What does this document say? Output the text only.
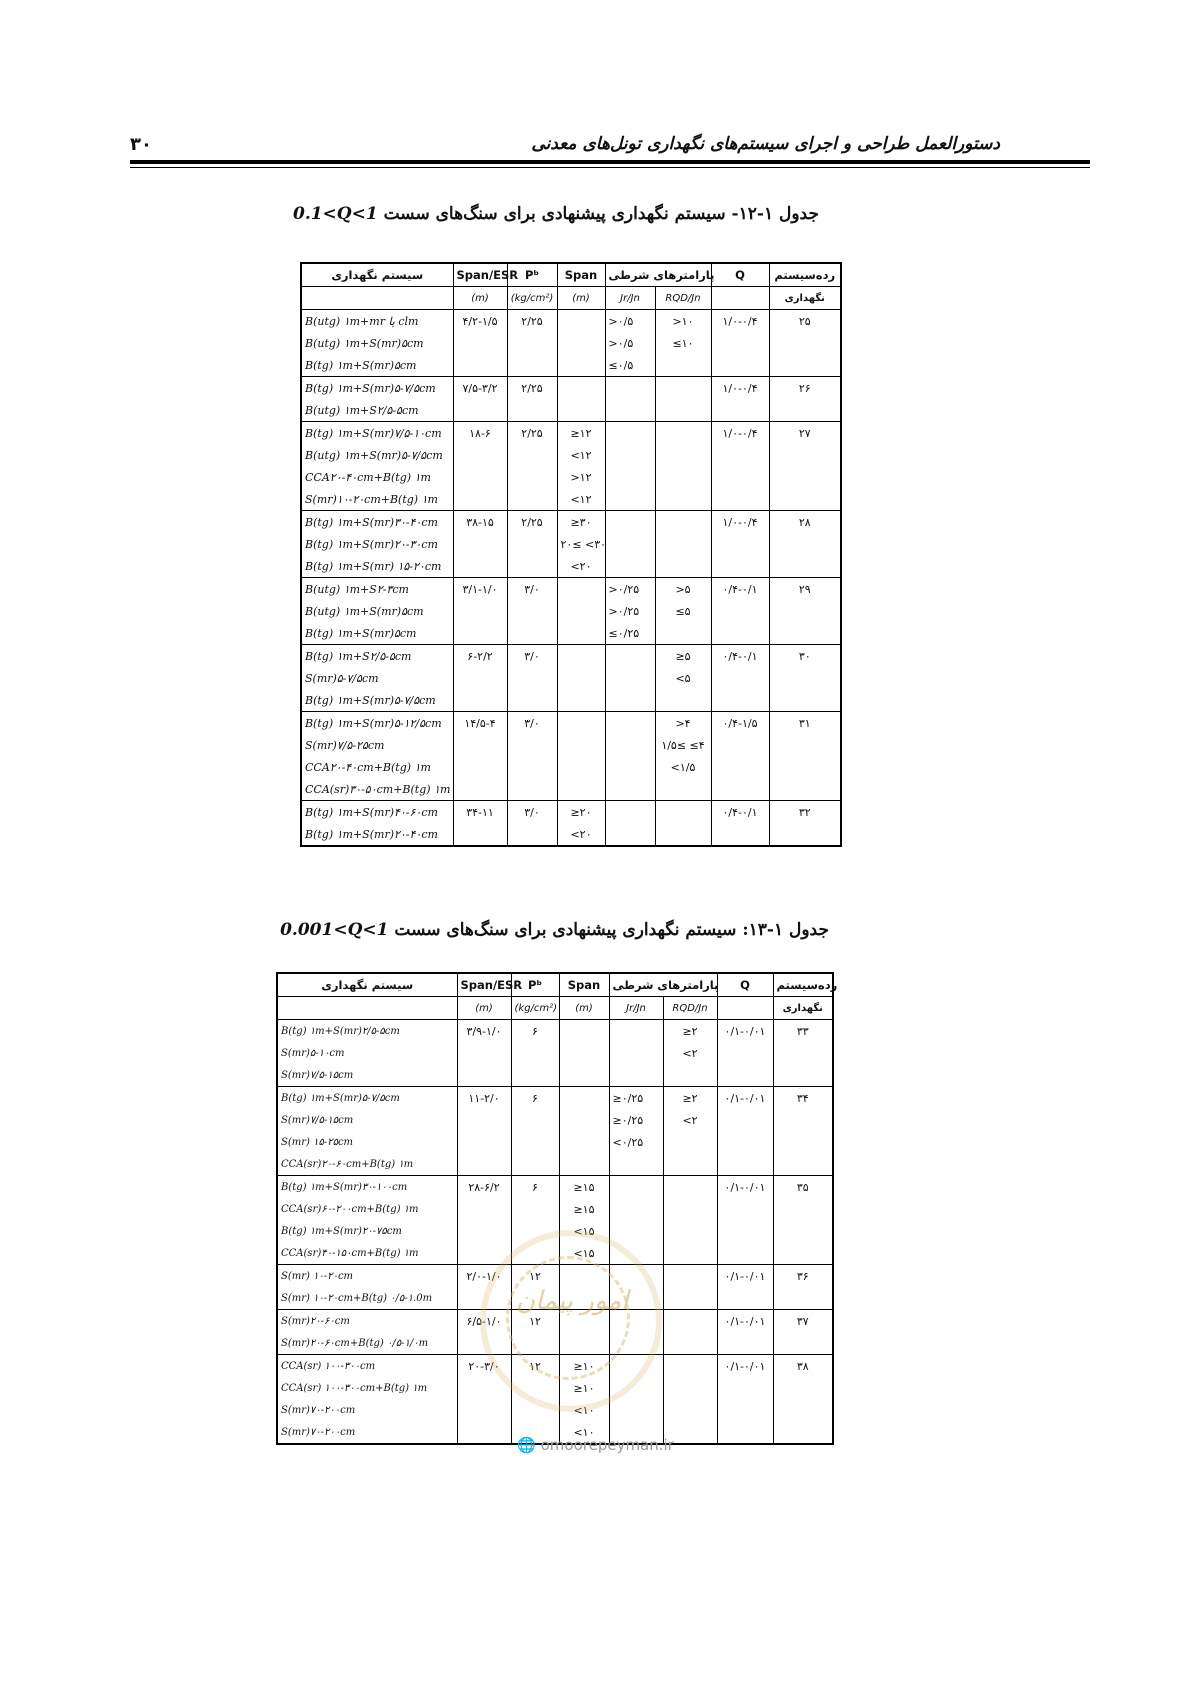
۳۰	دستورالعمل طراحی و اجرای سیستم‌های نگهداری تونل‌های معدنی
جدول ۱-۱۲- سیستم نگهداری پیشنهادی برای سنگ‌های سست 0.1<Q<1
سیستم نگهداری	Span/ESR	Pᵇ	Span	پارامترهای شرطی		Q	رده‌سیستم
	(m)	(kg/cm²)	(m)	Jr/Jn	RQD/Jn		نگهداری
B(utg) ۱m+mr یا clm	۴/۲-۱/۵	۲/۲۵		>۰/۵	>۱۰	۱/۰-۰/۴	۲۵
B(utg) ۱m+S(mr)۵cm				>۰/۵	≤۱۰		
B(tg) ۱m+S(mr)۵cm				≤۰/۵			
B(tg) ۱m+S(mr)۵-۷/۵cm	۷/۵-۳/۲	۲/۲۵				۱/۰-۰/۴	۲۶
B(utg) ۱m+S۲/۵-۵cm							
B(tg) ۱m+S(mr)۷/۵-۱۰cm	۱۸-۶	۲/۲۵	≥۱۲			۱/۰-۰/۴	۲۷
B(utg) ۱m+S(mr)۵-۷/۵cm			<۱۲				
CCA۲۰-۴۰cm+B(tg) ۱m			>۱۲				
S(mr)۱۰-۲۰cm+B(tg) ۱m			<۱۲				
B(tg) ۱m+S(mr)۳۰-۴۰cm	۳۸-۱۵	۲/۲۵	≥۳۰			۱/۰-۰/۴	۲۸
B(tg) ۱m+S(mr)۲۰-۳۰cm			۲۰≤ <۳۰				
B(tg) ۱m+S(mr) ۱۵-۲۰cm			<۲۰				
B(utg) ۱m+S۲-۳cm	۳/۱-۱/۰	۳/۰		>۰/۲۵	>۵	۰/۴-۰/۱	۲۹
B(utg) ۱m+S(mr)۵cm				>۰/۲۵	≤۵		
B(tg) ۱m+S(mr)۵cm				≤۰/۲۵			
B(tg) ۱m+S۲/۵-۵cm	۶-۲/۲	۳/۰			≥۵	۰/۴-۰/۱	۳۰
S(mr)۵-۷/۵cm					<۵		
B(tg) ۱m+S(mr)۵-۷/۵cm							
B(tg) ۱m+S(mr)۵-۱۲/۵cm	۱۴/۵-۴	۳/۰			>۴	۰/۴-۱/۵	۳۱
S(mr)۷/۵-۲۵cm					۱/۵≤ ≤۴		
CCA۲۰-۴۰cm+B(tg) ۱m					<۱/۵		
CCA(sr)۳۰-۵۰cm+B(tg) ۱m							
B(tg) ۱m+S(mr)۴۰-۶۰cm	۳۴-۱۱	۳/۰	≥۲۰			۰/۴-۰/۱	۳۲
B(tg) ۱m+S(mr)۲۰-۴۰cm			<۲۰				
جدول ۱-۱۳: سیستم نگهداری پیشنهادی برای سنگ‌های سست 0.001<Q<1
سیستم نگهداری	Span/ESR	Pᵇ	Span	پارامترهای شرطی		Q	رده‌سیستم
	(m)	(kg/cm²)	(m)	Jr/Jn	RQD/Jn		نگهداری
B(tg) ۱m+S(mr)۲/۵-۵cm	۳/۹-۱/۰	۶			≥۲	۰/۱-۰/۰۱	۳۳
S(mr)۵-۱۰cm					<۲		
S(mr)۷/۵-۱۵cm							
B(tg) ۱m+S(mr)۵-۷/۵cm	۱۱-۲/۰	۶		≥۰/۲۵	≥۲	۰/۱-۰/۰۱	۳۴
S(mr)۷/۵-۱۵cm				≥۰/۲۵	<۲		
S(mr) ۱۵-۲۵cm				<۰/۲۵			
CCA(sr)۲۰-۶۰cm+B(tg) ۱m							
B(tg) ۱m+S(mr)۳۰-۱۰۰cm	۲۸-۶/۲	۶	≥۱۵			۰/۱-۰/۰۱	۳۵
CCA(sr)۶۰-۲۰۰cm+B(tg) ۱m			≥۱۵				
B(tg) ۱m+S(mr)۲۰-۷۵cm			<۱۵				
CCA(sr)۴۰-۱۵۰cm+B(tg) ۱m			<۱۵				
S(mr) ۱۰-۲۰cm	۲/۰-۱/۰	۱۲				۰/۱-۰/۰۱	۳۶
S(mr) ۱۰-۲۰cm+B(tg) ۰/۵-۱.0m							
S(mr)۲۰-۶۰cm	۶/۵-۱/۰	۱۲				۰/۱-۰/۰۱	۳۷
S(mr)۲۰-۶۰cm+B(tg) ۰/۵-۱/۰m							
CCA(sr) ۱۰۰-۳۰۰cm	۲۰-۳/۰	۱۲	≥۱۰			۰/۱-۰/۰۱	۳۸
CCA(sr) ۱۰۰-۳۰۰cm+B(tg) ۱m			≥۱۰				
S(mr)۷۰-۲۰۰cm			<۱۰				
S(mr)۷۰-۲۰۰cm			<۱۰				
امور پیمان
🌐 omoorepeyman.ir
